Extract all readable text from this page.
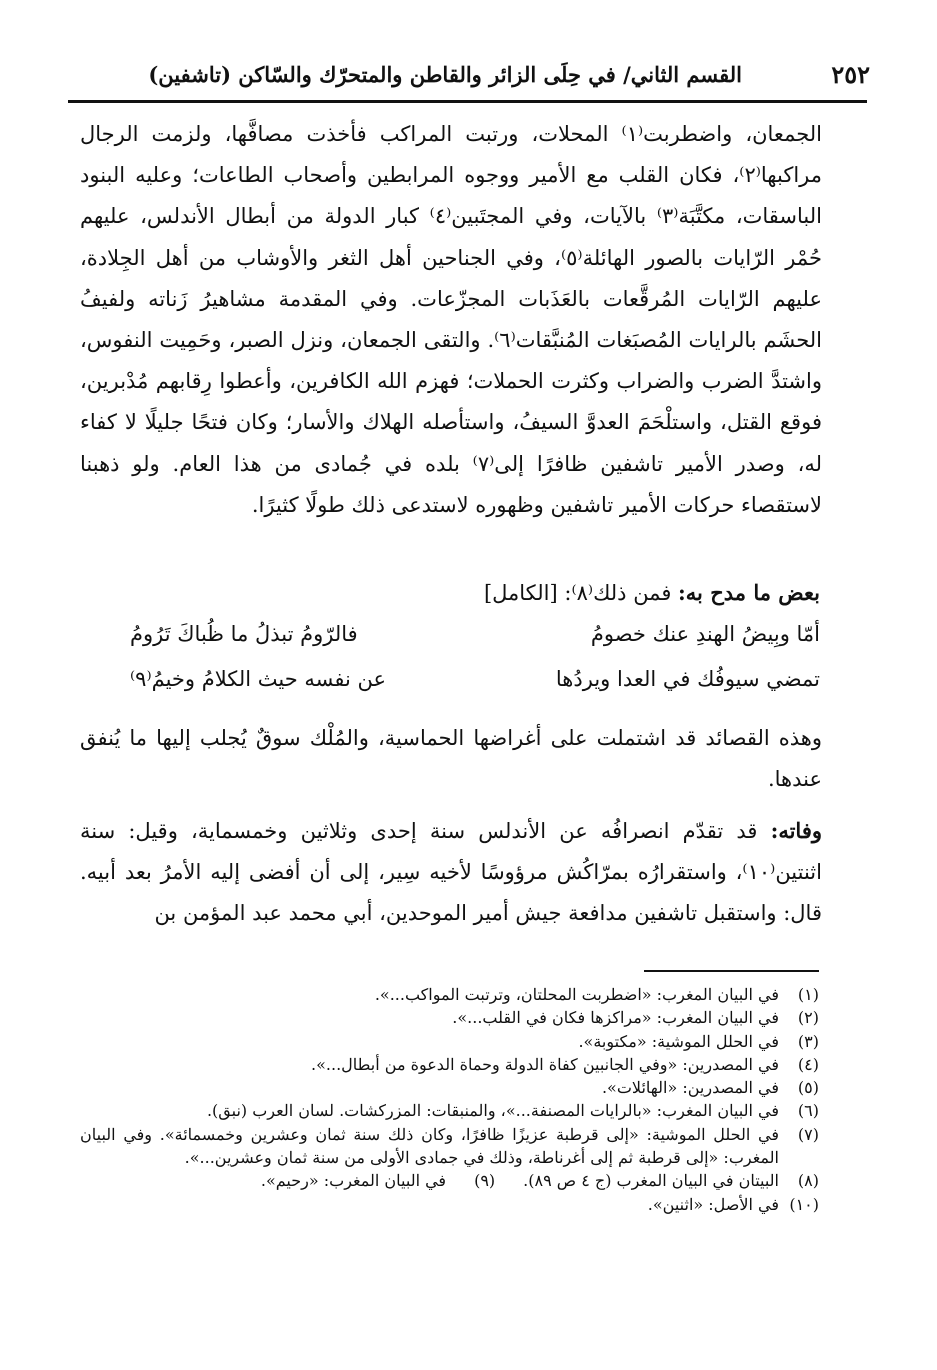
القسم الثاني/ في حِلَى الزائر والقاطن والمتحرّك والسّاكن (تاشفين)	٢٥٢

الجمعان، واضطربت⁽١⁾ المحلات، ورتبت المراكب فأخذت مصافَّها، ولزمت الرجال مراكبها⁽٢⁾، فكان القلب مع الأمير ووجوه المرابطين وأصحاب الطاعات؛ وعليه البنود الباسقات، مكتَّبَة⁽٣⁾ بالآيات، وفي المجتَبين⁽٤⁾ كبار الدولة من أبطال الأندلس، عليهم حُمْر الرّايات بالصور الهائلة⁽٥⁾، وفي الجناحين أهل الثغر والأوشاب من أهل الجِلادة، عليهم الرّايات المُرقَّعات بالعَذَبات المجزّعات. وفي المقدمة مشاهيرُ زَناته ولفيفُ الحشَم بالرايات المُصبَغات المُنبَّقات⁽٦⁾. والتقى الجمعان، ونزل الصبر، وحَمِيت النفوس، واشتدَّ الضرب والضراب وكثرت الحملات؛ فهزم الله الكافرين، وأعطوا رِقابهم مُدْبرين، فوقع القتل، واستلْحَمَ العدوَّ السيفُ، واستأصله الهلاك والأسار؛ وكان فتحًا جليلًا لا كفاء له، وصدر الأمير تاشفين ظافرًا إلى⁽٧⁾ بلده في جُمادى من هذا العام. ولو ذهبنا لاستقصاء حركات الأمير تاشفين وظهوره لاستدعى ذلك طولًا كثيرًا.

بعض ما مدح به: فمن ذلك⁽٨⁾: [الكامل]
أمّا وبِيضُ الهندِ عنك خصومُ
فالرّومُ تبذلُ ما ظُباكَ تَرُومُ
تمضي سيوفُك في العدا ويردُها
عن نفسه حيث الكلامُ وخيمُ⁽٩⁾
وهذه القصائد قد اشتملت على أغراضها الحماسية، والمُلْك سوقٌ يُجلب إليها ما يُنفق عندها.
وفاته: قد تقدّم انصرافُه عن الأندلس سنة إحدى وثلاثين وخمسماية، وقيل: سنة اثنتين⁽١٠⁾، واستقرارُه بمرّاكُش مرؤوسًا لأخيه سِير، إلى أن أفضى إليه الأمرُ بعد أبيه. قال: واستقبل تاشفين مدافعة جيش أمير الموحدين، أبي محمد عبد المؤمن بن
(١)
في البيان المغرب: «اضطربت المحلتان، وترتبت المواكب...».
(٢)
في البيان المغرب: «مراكزها فكان في القلب...».
(٣)
في الحلل الموشية: «مكتوبة».
(٤)
في المصدرين: «وفي الجانبين كفاة الدولة وحماة الدعوة من أبطال...».
(٥)
في المصدرين: «الهائلات».
(٦)
في البيان المغرب: «بالرايات المصنفة...»، والمنبقات: المزركشات. لسان العرب (نبق).
(٧)
في الحلل الموشية: «إلى قرطبة عزيزًا ظافرًا، وكان ذلك سنة ثمان وعشرين وخمسمائة». وفي البيان المغرب: «إلى قرطبة ثم إلى أغرناطة، وذلك في جمادى الأولى من سنة ثمان وعشرين...».
(٨)
البيتان في البيان المغرب (ج ٤ ص ٨٩).(٩)في البيان المغرب: «رحيم».
(١٠)
في الأصل: «اثنين».
